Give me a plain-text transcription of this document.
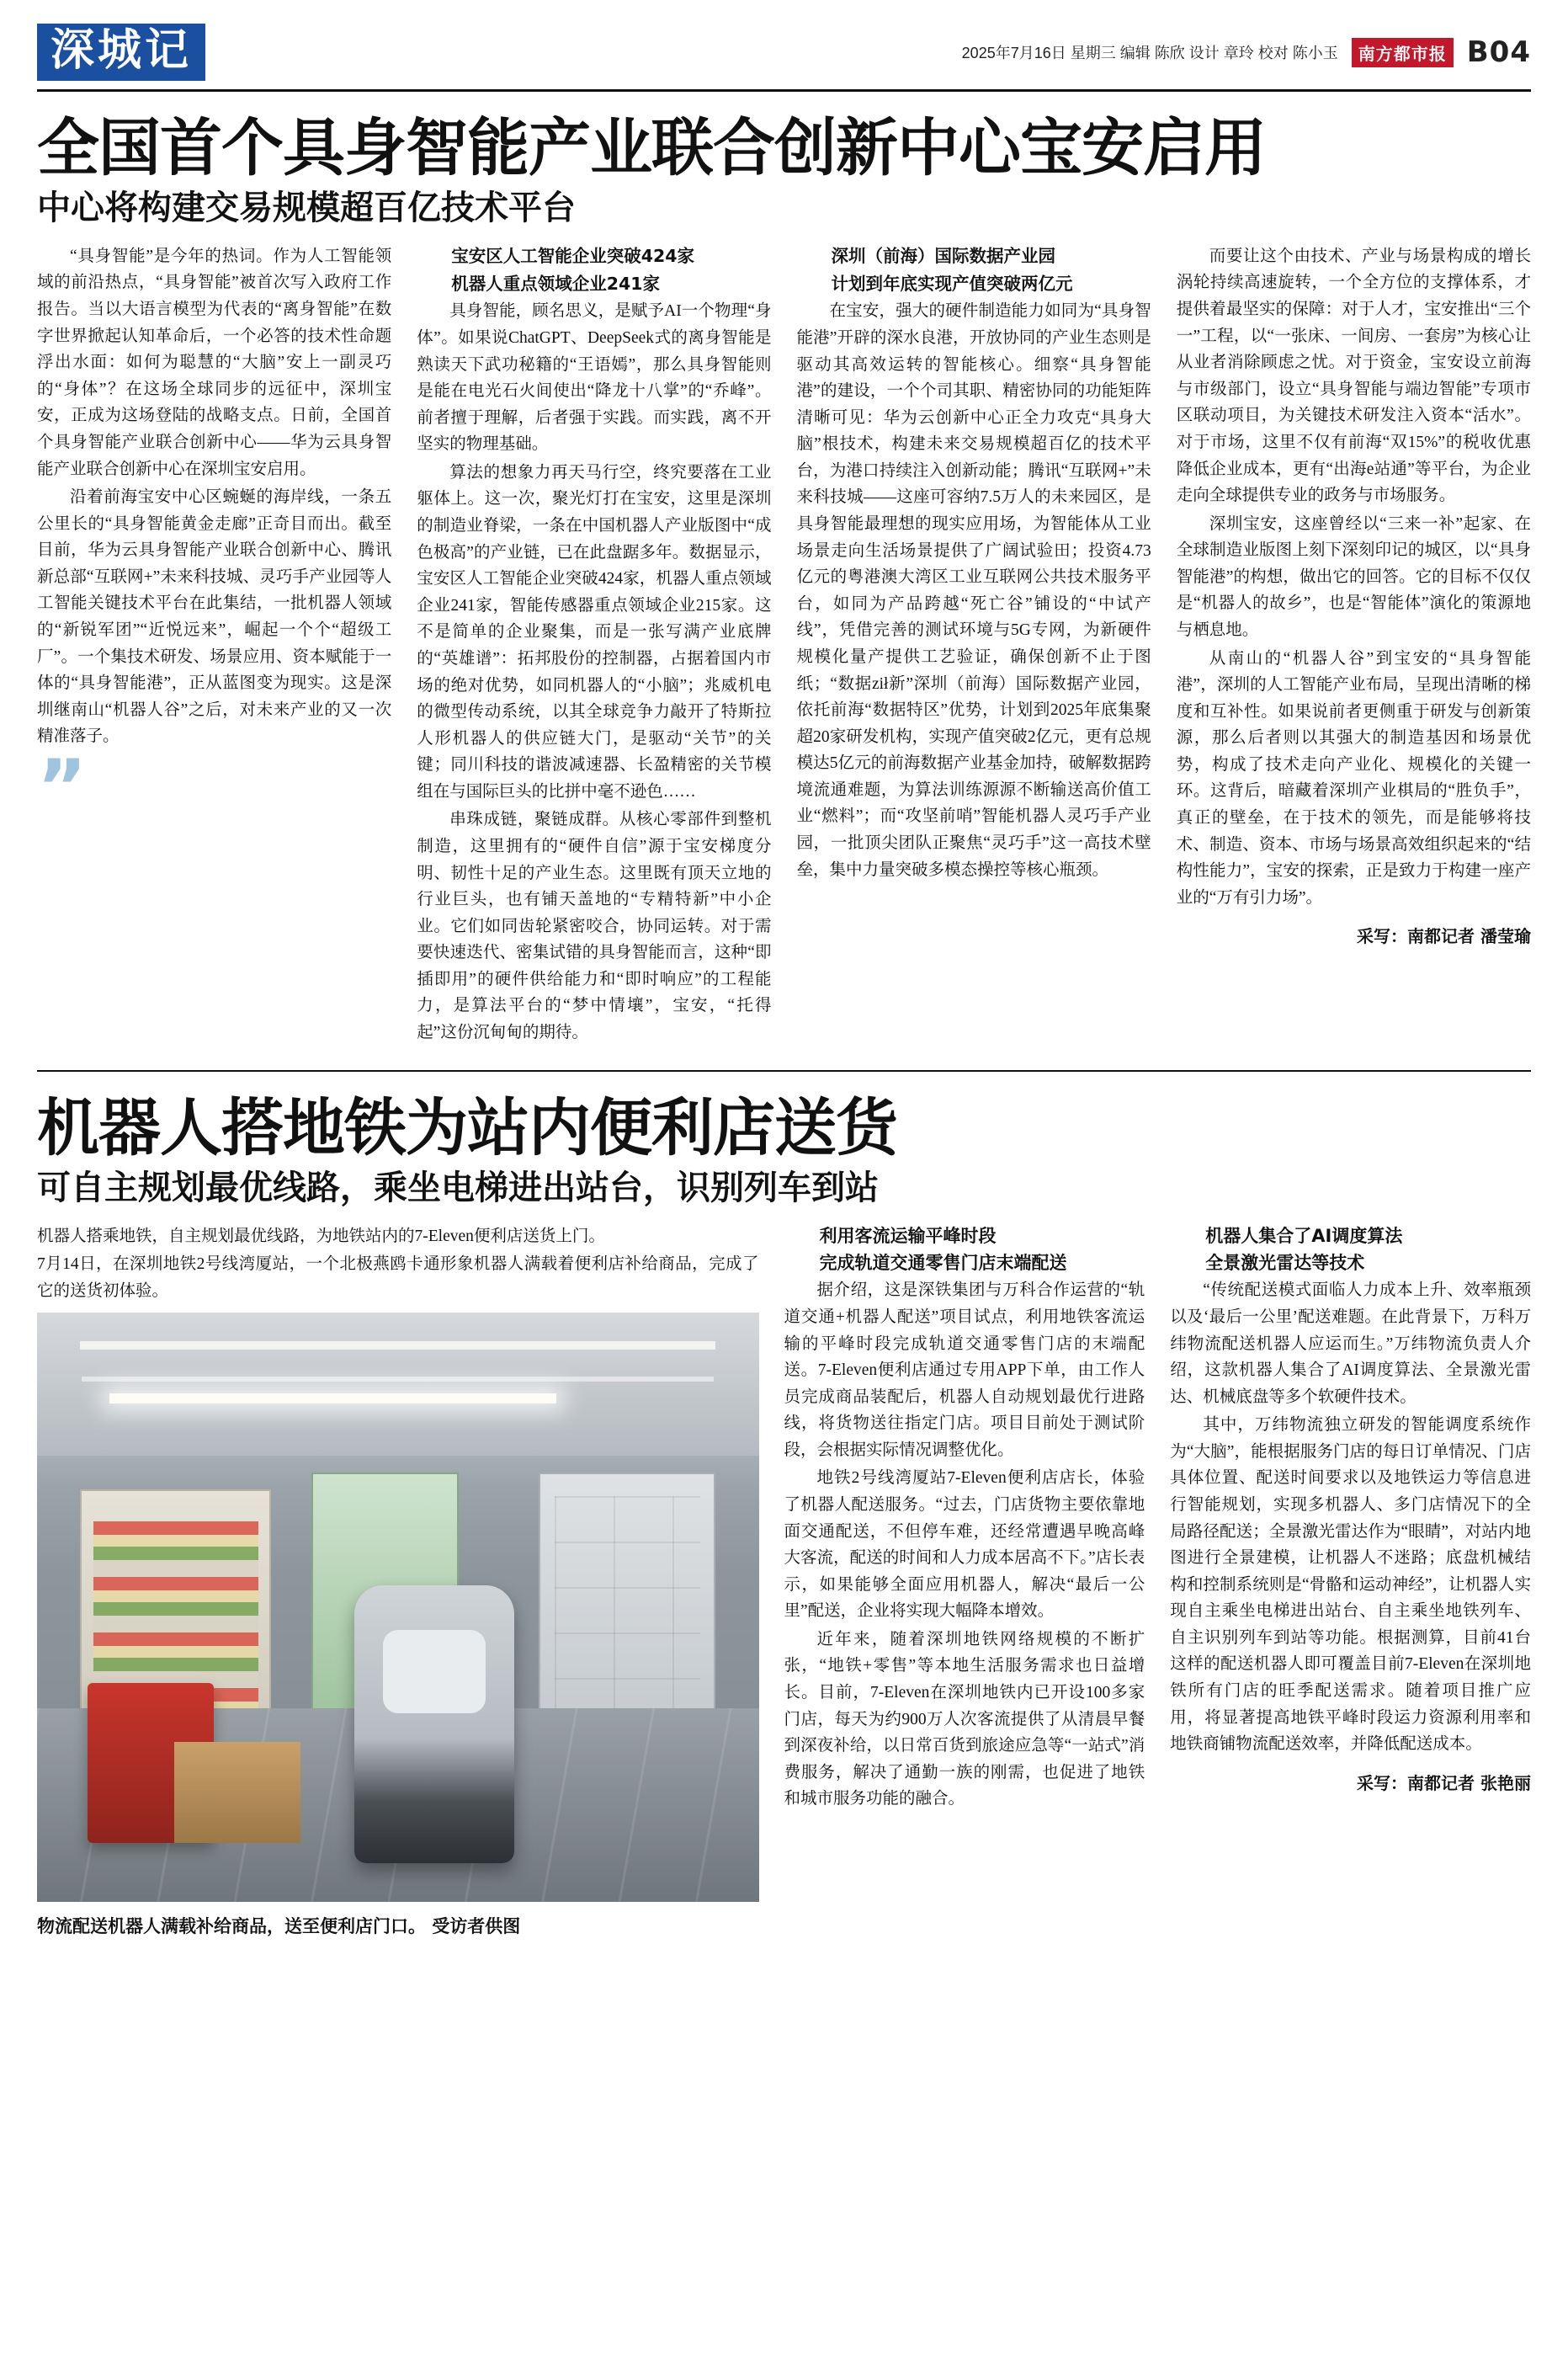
深城记	2025年7月16日 星期三 编辑 陈欣 设计 章玲 校对 陈小玉	南方都市报 B04
全国首个具身智能产业联合创新中心宝安启用
中心将构建交易规模超百亿技术平台

“具身智能”是今年的热词。作为人工智能领域的前沿热点，“具身智能”被首次写入政府工作报告。当以大语言模型为代表的“离身智能”在数字世界掀起认知革命后，一个必答的技术性命题浮出水面：如何为聪慧的“大脑”安上一副灵巧的“身体”？在这场全球同步的远征中，深圳宝安，正成为这场登陆的战略支点。日前，全国首个具身智能产业联合创新中心——华为云具身智能产业联合创新中心在深圳宝安启用。

沿着前海宝安中心区蜿蜒的海岸线，一条五公里长的“具身智能黄金走廊”正奇目而出。截至目前，华为云具身智能产业联合创新中心、腾讯新总部“互联网+”未来科技城、灵巧手产业园等人工智能关键技术平台在此集结，一批机器人领域的“新锐军团”“近悦远来”，崛起一个个“超级工厂”。一个集技术研发、场景应用、资本赋能于一体的“具身智能港”，正从蓝图变为现实。这是深圳继南山“机器人谷”之后，对未来产业的又一次精准落子。

”

宝安区人工智能企业突破424家

机器人重点领域企业241家

具身智能，顾名思义，是赋予AI一个物理“身体”。如果说ChatGPT、DeepSeek式的离身智能是熟读天下武功秘籍的“王语嫣”，那么具身智能则是能在电光石火间使出“降龙十八掌”的“乔峰”。前者擅于理解，后者强于实践。而实践，离不开坚实的物理基础。

算法的想象力再天马行空，终究要落在工业躯体上。这一次，聚光灯打在宝安，这里是深圳的制造业脊梁，一条在中国机器人产业版图中“成色极高”的产业链，已在此盘踞多年。数据显示，宝安区人工智能企业突破424家，机器人重点领域企业241家，智能传感器重点领域企业215家。这不是简单的企业聚集，而是一张写满产业底牌的“英雄谱”：拓邦股份的控制器，占据着国内市场的绝对优势，如同机器人的“小脑”；兆威机电的微型传动系统，以其全球竞争力敲开了特斯拉人形机器人的供应链大门，是驱动“关节”的关键；同川科技的谐波减速器、长盈精密的关节模组在与国际巨头的比拼中毫不逊色……

串珠成链，聚链成群。从核心零部件到整机制造，这里拥有的“硬件自信”源于宝安梯度分明、韧性十足的产业生态。这里既有顶天立地的行业巨头，也有铺天盖地的“专精特新”中小企业。它们如同齿轮紧密咬合，协同运转。对于需要快速迭代、密集试错的具身智能而言，这种“即插即用”的硬件供给能力和“即时响应”的工程能力，是算法平台的“梦中情壤”，宝安，“托得起”这份沉甸甸的期待。

深圳（前海）国际数据产业园

计划到年底实现产值突破两亿元

在宝安，强大的硬件制造能力如同为“具身智能港”开辟的深水良港，开放协同的产业生态则是驱动其高效运转的智能核心。细察“具身智能港”的建设，一个个司其职、精密协同的功能矩阵清晰可见：华为云创新中心正全力攻克“具身大脑”根技术，构建未来交易规模超百亿的技术平台，为港口持续注入创新动能；腾讯“互联网+”未来科技城——这座可容纳7.5万人的未来园区，是具身智能最理想的现实应用场，为智能体从工业场景走向生活场景提供了广阔试验田；投资4.73亿元的粤港澳大湾区工业互联网公共技术服务平台，如同为产品跨越“死亡谷”铺设的“中试产线”，凭借完善的测试环境与5G专网，为新硬件规模化量产提供工艺验证，确保创新不止于图纸；“数据ził新”深圳（前海）国际数据产业园，依托前海“数据特区”优势，计划到2025年底集聚超20家研发机构，实现产值突破2亿元，更有总规模达5亿元的前海数据产业基金加持，破解数据跨境流通难题，为算法训练源源不断输送高价值工业“燃料”；而“攻坚前哨”智能机器人灵巧手产业园，一批顶尖团队正聚焦“灵巧手”这一高技术壁垒，集中力量突破多模态操控等核心瓶颈。

而要让这个由技术、产业与场景构成的增长涡轮持续高速旋转，一个全方位的支撑体系，才提供着最坚实的保障：对于人才，宝安推出“三个一”工程，以“一张床、一间房、一套房”为核心让从业者消除顾虑之忧。对于资金，宝安设立前海与市级部门，设立“具身智能与端边智能”专项市区联动项目，为关键技术研发注入资本“活水”。对于市场，这里不仅有前海“双15%”的税收优惠降低企业成本，更有“出海e站通”等平台，为企业走向全球提供专业的政务与市场服务。

深圳宝安，这座曾经以“三来一补”起家、在全球制造业版图上刻下深刻印记的城区，以“具身智能港”的构想，做出它的回答。它的目标不仅仅是“机器人的故乡”，也是“智能体”演化的策源地与栖息地。

从南山的“机器人谷”到宝安的“具身智能港”，深圳的人工智能产业布局，呈现出清晰的梯度和互补性。如果说前者更侧重于研发与创新策源，那么后者则以其强大的制造基因和场景优势，构成了技术走向产业化、规模化的关键一环。这背后，暗藏着深圳产业棋局的“胜负手”，真正的壁垒，在于技术的领先，而是能够将技术、制造、资本、市场与场景高效组织起来的“结构性能力”，宝安的探索，正是致力于构建一座产业的“万有引力场”。

采写：南都记者 潘莹瑜
机器人搭地铁为站内便利店送货
可自主规划最优线路，乘坐电梯进出站台，识别列车到站

机器人搭乘地铁，自主规划最优线路，为地铁站内的7-Eleven便利店送货上门。

7月14日，在深圳地铁2号线湾厦站，一个北极燕鸥卡通形象机器人满载着便利店补给商品，完成了它的送货初体验。

物流配送机器人满载补给商品，送至便利店门口。 受访者供图

利用客流运输平峰时段

完成轨道交通零售门店末端配送

据介绍，这是深铁集团与万科合作运营的“轨道交通+机器人配送”项目试点，利用地铁客流运输的平峰时段完成轨道交通零售门店的末端配送。7-Eleven便利店通过专用APP下单，由工作人员完成商品装配后，机器人自动规划最优行进路线，将货物送往指定门店。项目目前处于测试阶段，会根据实际情况调整优化。

地铁2号线湾厦站7-Eleven便利店店长，体验了机器人配送服务。“过去，门店货物主要依靠地面交通配送，不但停车难，还经常遭遇早晚高峰大客流，配送的时间和人力成本居高不下。”店长表示，如果能够全面应用机器人，解决“最后一公里”配送，企业将实现大幅降本增效。

近年来，随着深圳地铁网络规模的不断扩张，“地铁+零售”等本地生活服务需求也日益增长。目前，7-Eleven在深圳地铁内已开设100多家门店，每天为约900万人次客流提供了从清晨早餐到深夜补给，以日常百货到旅途应急等“一站式”消费服务，解决了通勤一族的刚需，也促进了地铁和城市服务功能的融合。

机器人集合了AI调度算法

全景激光雷达等技术

“传统配送模式面临人力成本上升、效率瓶颈以及‘最后一公里’配送难题。在此背景下，万科万纬物流配送机器人应运而生。”万纬物流负责人介绍，这款机器人集合了AI调度算法、全景激光雷达、机械底盘等多个软硬件技术。

其中，万纬物流独立研发的智能调度系统作为“大脑”，能根据服务门店的每日订单情况、门店具体位置、配送时间要求以及地铁运力等信息进行智能规划，实现多机器人、多门店情况下的全局路径配送；全景激光雷达作为“眼睛”，对站内地图进行全景建模，让机器人不迷路；底盘机械结构和控制系统则是“骨骼和运动神经”，让机器人实现自主乘坐电梯进出站台、自主乘坐地铁列车、自主识别列车到站等功能。根据测算，目前41台这样的配送机器人即可覆盖目前7-Eleven在深圳地铁所有门店的旺季配送需求。随着项目推广应用，将显著提高地铁平峰时段运力资源利用率和地铁商铺物流配送效率，并降低配送成本。

采写：南都记者 张艳丽
